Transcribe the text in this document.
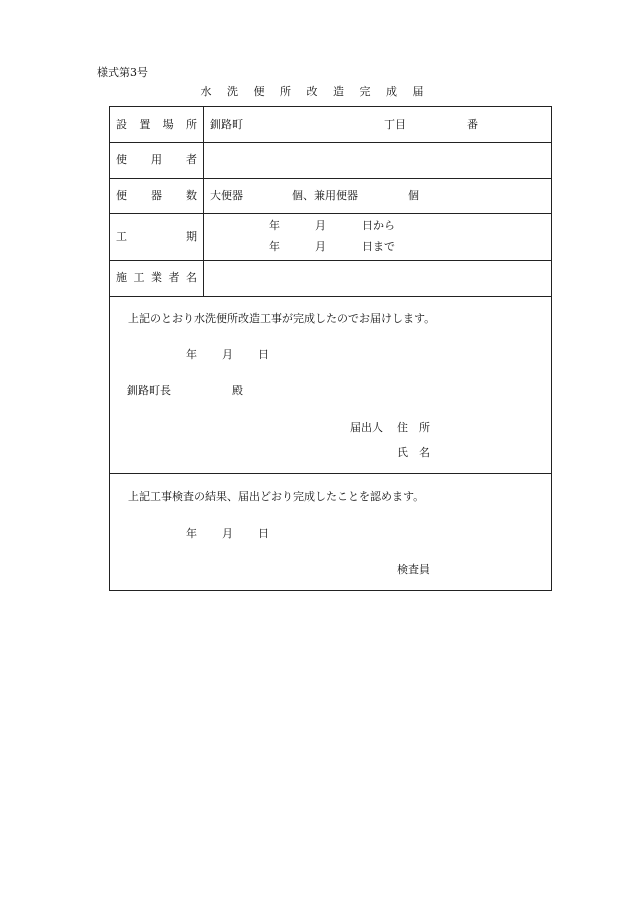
様式第3号
水 洗 便 所 改 造 完 成 届
設 置 場 所 釧路町	丁目	番
使 用 者
便 器 数 大便器	個、兼用便器	個
工	期
年	月	日から
年	月	日まで
施 工 業 者 名
上記のとおり水洗便所改造工事が完成したのでお届けします。
年 月 日
釧路町長	殿
届出人 住　所
氏　名
上記工事検査の結果、届出どおり完成したことを認めます。
年 月 日
検査員
